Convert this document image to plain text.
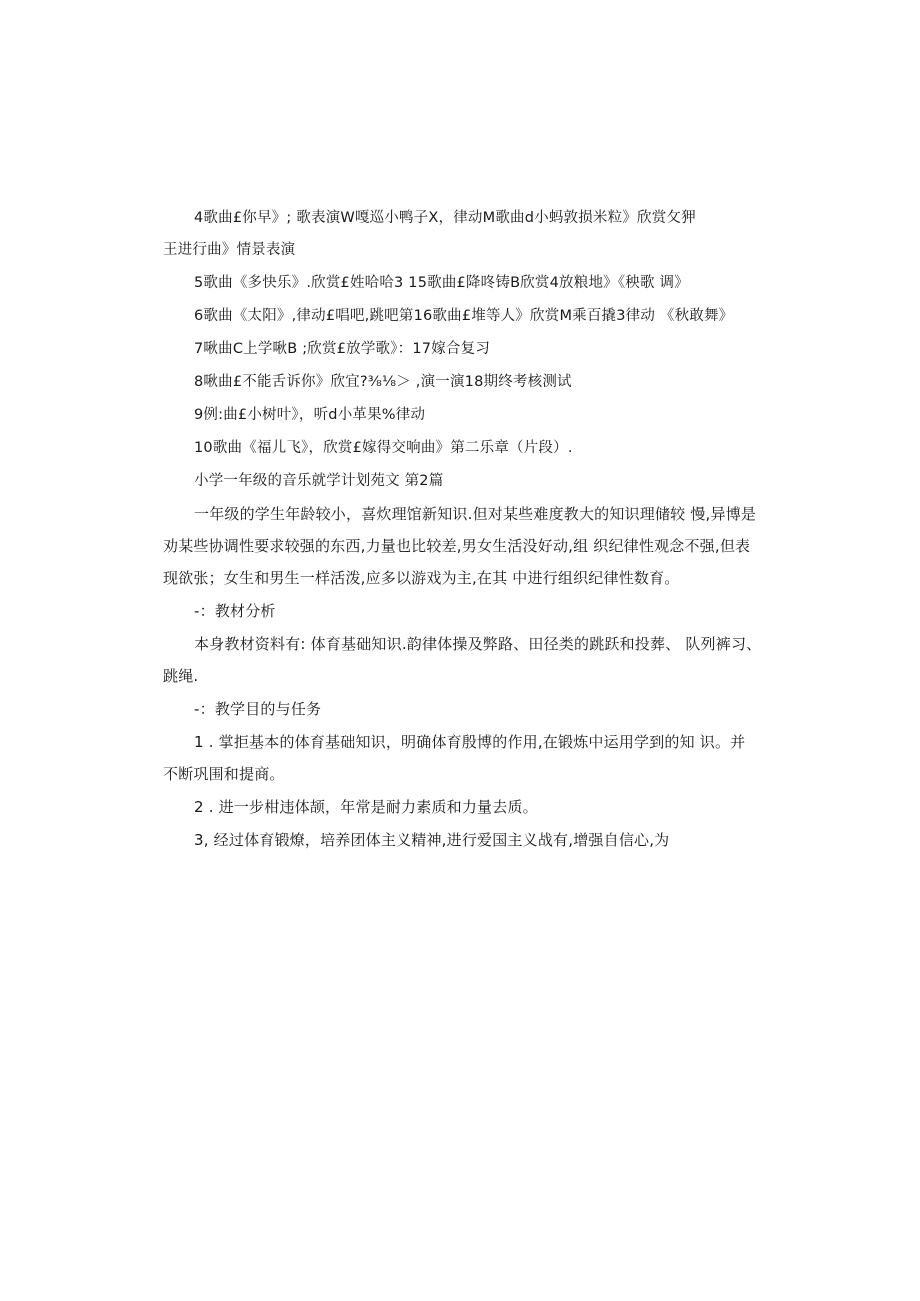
4歌曲£你早》; 歌表演W嘎巡小鸭子X，律动M歌曲d小蚂敦损米粒》欣赏攵狎
王进行曲》情景表演
5歌曲《多快乐》.欣赏£姓哈哈3 15歌曲£降咚铸B欣赏4放粮地》《秧歌 调》
6歌曲《太阳》,律动£唱吧,跳吧第16歌曲£堆等人》欣赏M乘百撬3律动 《秋敢舞》
7啾曲C上学啾B ;欣赏£放学歌》：17嫁合复习
8啾曲£不能舌诉你》欣宜?⅜⅛＞ ,演一演18期终考核测试
9例:曲£小树叶》，听d小革果%律动
10歌曲《福儿飞》，欣赏£嫁得交响曲》第二乐章（片段）.
小学一年级的音乐就学计划苑文 第2篇
一年级的学生年龄较小，喜炊理馆新知识.但对某些难度教大的知识理储较 慢,异博是
劝某些协调性要求较强的东西,力量也比较差,男女生活没好动,组 织纪律性观念不强,但表
现欲张；女生和男生一样活泼,应多以游戏为主,在其 中进行组织纪律性数育。
-：教材分析
本身教材资料有: 体育基础知识.韵律体操及弊路、田径类的跳跃和投葬、 队列裤习、
跳绳.
-：教学目的与任务
1 . 掌拒基本的体育基础知识，明确体育殷博的作用,在锻炼中运用学到的知 识。并
不断巩围和提商。
2 . 进一步柑违体颉，年常是耐力素质和力量去质。
3, 经过体育锻燎，培养团体主义精神,进行爱国主义战有,增强自信心,为
